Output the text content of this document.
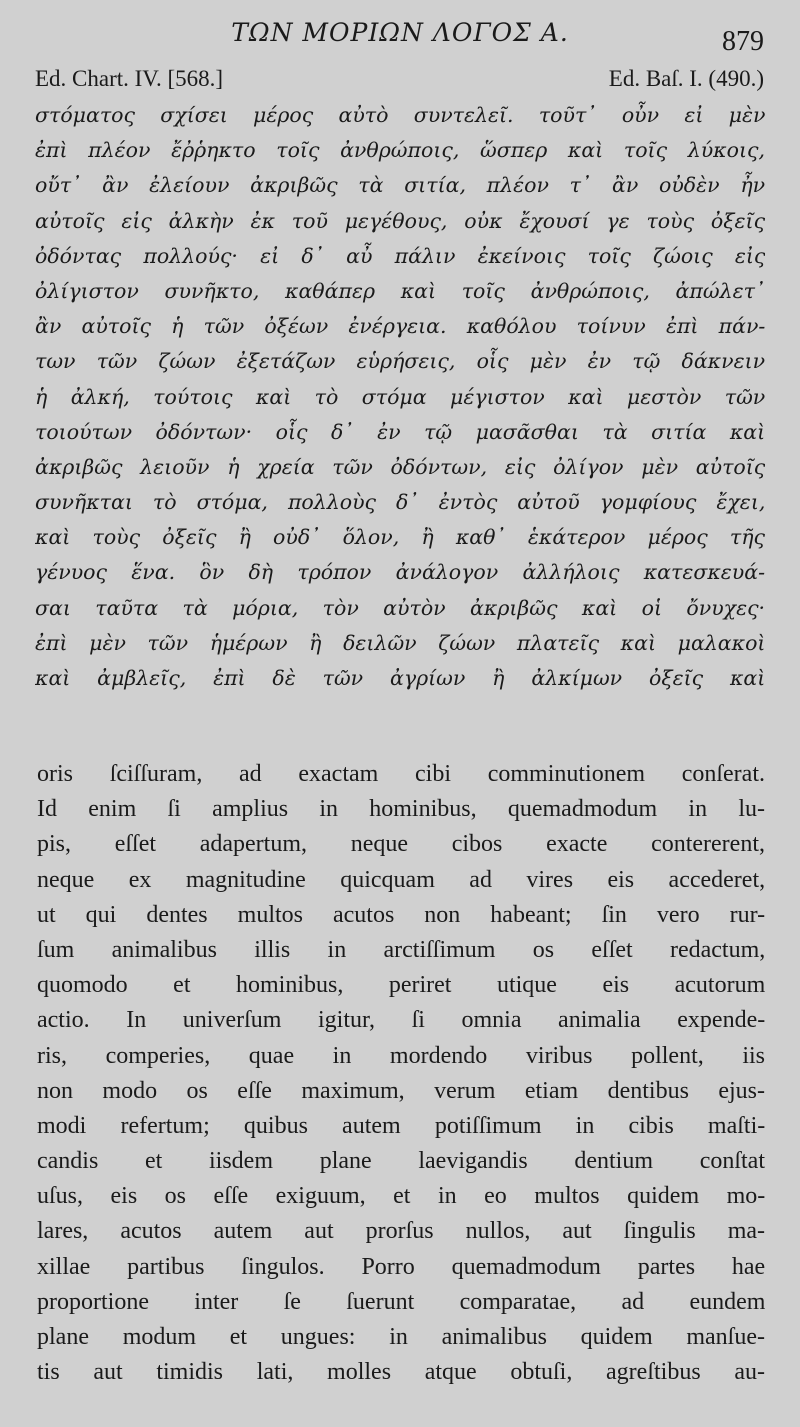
ΤΩΝ ΜΟΡΙΩΝ ΛΟΓΟΣ Α.	879
Ed. Chart. IV. [568.]	Ed. Baſ. I. (490.)
στόματος σχίσει μέρος αὐτὸ συντελεῖ. τοῦτ᾿ οὖν εἰ μὲν
ἐπὶ πλέον ἔῤῥηκτο τοῖς ἀνθρώποις, ὥσπερ καὶ τοῖς λύκοις,
οὔτ᾿ ἂν ἐλείουν ἀκριβῶς τὰ σιτία, πλέον τ᾿ ἂν οὐδὲν ἦν
αὐτοῖς εἰς ἀλκὴν ἐκ τοῦ μεγέθους, οὐκ ἔχουσί γε τοὺς ὀξεῖς
ὀδόντας πολλούς· εἰ δ᾿ αὖ πάλιν ἐκείνοις τοῖς ζώοις εἰς
ὀλίγιστον συνῆκτο, καθάπερ καὶ τοῖς ἀνθρώποις, ἀπώλετ᾿
ἂν αὐτοῖς ἡ τῶν ὀξέων ἐνέργεια. καθόλου τοίνυν ἐπὶ πάν-
των τῶν ζώων ἐξετάζων εὑρήσεις, οἷς μὲν ἐν τῷ δάκνειν
ἡ ἀλκή, τούτοις καὶ τὸ στόμα μέγιστον καὶ μεστὸν τῶν
τοιούτων ὀδόντων· οἷς δ᾿ ἐν τῷ μασᾶσθαι τὰ σιτία καὶ
ἀκριβῶς λειοῦν ἡ χρεία τῶν ὀδόντων, εἰς ὀλίγον μὲν αὐτοῖς
συνῆκται τὸ στόμα, πολλοὺς δ᾿ ἐντὸς αὐτοῦ γομφίους ἔχει,
καὶ τοὺς ὀξεῖς ἢ οὐδ᾿ ὅλον, ἢ καθ᾿ ἑκάτερον μέρος τῆς
γένυος ἕνα. ὃν δὴ τρόπον ἀνάλογον ἀλλήλοις κατεσκευά-
σαι ταῦτα τὰ μόρια, τὸν αὐτὸν ἀκριβῶς καὶ οἱ ὄνυχες·
ἐπὶ μὲν τῶν ἡμέρων ἢ δειλῶν ζώων πλατεῖς καὶ μαλακοὶ
καὶ ἀμβλεῖς, ἐπὶ δὲ τῶν ἀγρίων ἢ ἀλκίμων ὀξεῖς καὶ
oris ſciſſuram, ad exactam cibi comminutionem conſerat.
Id enim ſi amplius in hominibus, quemadmodum in lu-
pis, eſſet adapertum, neque cibos exacte contererent,
neque ex magnitudine quicquam ad vires eis accederet,
ut qui dentes multos acutos non habeant; ſin vero rur-
ſum animalibus illis in arctiſſimum os eſſet redactum,
quomodo et hominibus, periret utique eis acutorum
actio. In univerſum igitur, ſi omnia animalia expende-
ris, comperies, quae in mordendo viribus pollent, iis
non modo os eſſe maximum, verum etiam dentibus ejus-
modi refertum; quibus autem potiſſimum in cibis maſti-
candis et iisdem plane laevigandis dentium conſtat
uſus, eis os eſſe exiguum, et in eo multos quidem mo-
lares, acutos autem aut prorſus nullos, aut ſingulis ma-
xillae partibus ſingulos. Porro quemadmodum partes hae
proportione inter ſe ſuerunt comparatae, ad eundem
plane modum et ungues: in animalibus quidem manſue-
tis aut timidis lati, molles atque obtuſi, agreſtibus au-
